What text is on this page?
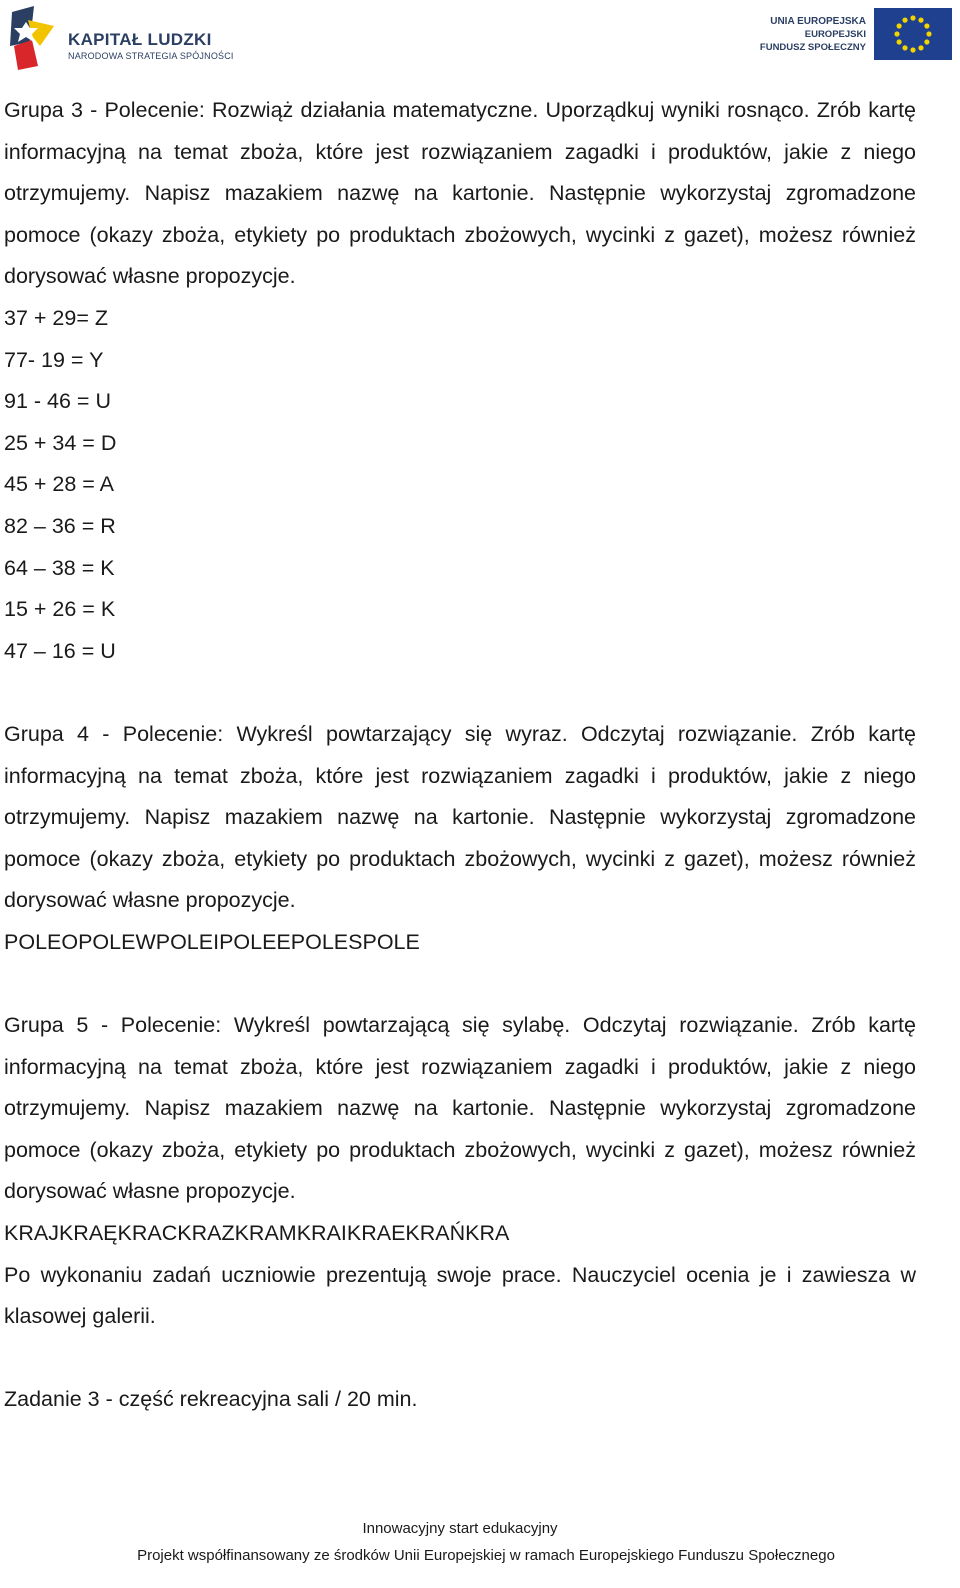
KAPITAŁ LUDZKI
NARODOWA STRATEGIA SPÓJNOŚCI
UNIA EUROPEJSKA
EUROPEJSKI
FUNDUSZ SPOŁECZNY

Grupa 3 - Polecenie: Rozwiąż działania matematyczne. Uporządkuj wyniki rosnąco. Zrób kartę informacyjną na temat zboża, które jest rozwiązaniem zagadki i produktów, jakie z niego otrzymujemy. Napisz mazakiem nazwę na kartonie. Następnie wykorzystaj zgromadzone pomoce (okazy zboża, etykiety po produktach zbożowych, wycinki z gazet), możesz również dorysować własne propozycje.

37 + 29= Z

77- 19 = Y

91 - 46 = U

25 + 34 = D

45 + 28 = A

82 – 36 = R

64 – 38 = K

15 + 26 = K

47 – 16 = U

Grupa 4 - Polecenie: Wykreśl powtarzający się wyraz. Odczytaj rozwiązanie. Zrób kartę informacyjną na temat zboża, które jest rozwiązaniem zagadki i produktów, jakie z niego otrzymujemy. Napisz mazakiem nazwę na kartonie. Następnie wykorzystaj zgromadzone pomoce (okazy zboża, etykiety po produktach zbożowych, wycinki z gazet), możesz również dorysować własne propozycje.

POLEOPOLEWPOLEIPOLEEPOLESPOLE

Grupa 5 - Polecenie: Wykreśl powtarzającą się sylabę. Odczytaj rozwiązanie. Zrób kartę informacyjną na temat zboża, które jest rozwiązaniem zagadki i produktów, jakie z niego otrzymujemy. Napisz mazakiem nazwę na kartonie. Następnie wykorzystaj zgromadzone pomoce (okazy zboża, etykiety po produktach zbożowych, wycinki z gazet), możesz również dorysować własne propozycje.

KRAJKRAĘKRACKRAZKRAMKRAIKRAEKRAŃKRA

Po wykonaniu zadań uczniowie prezentują swoje prace. Nauczyciel ocenia je i zawiesza w klasowej galerii.

Zadanie 3 - część rekreacyjna sali / 20 min.

Innowacyjny start edukacyjny
Projekt współfinansowany ze środków Unii Europejskiej w ramach Europejskiego Funduszu Społecznego
